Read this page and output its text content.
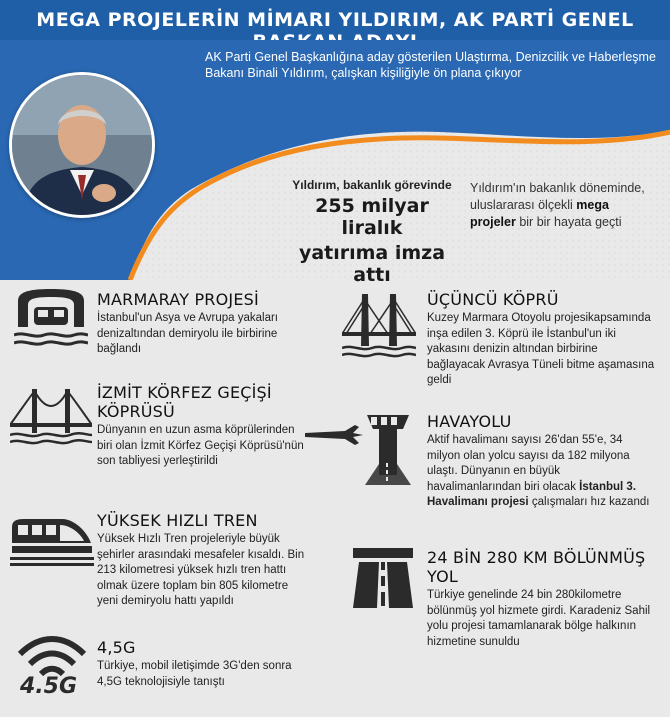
MEGA PROJELERİN MİMARI YILDIRIM, AK PARTİ GENEL
AK Parti Genel Başkanlığına aday gösterilen Ulaştırma, Denizcilik ve Haberleşme Bakanı Binali Yıldırım, çalışkan kişiliğiyle ön plana çıkıyor
Yıldırım, bakanlık görevinde
255 milyar liralık
yatırıma imza attı
Yıldırım'ın bakanlık döneminde, uluslararası ölçekli mega projeler bir bir hayata geçti
MARMARAY PROJESİ
İstanbul'un Asya ve Avrupa yakaları denizaltından demiryolu ile birbirine bağlandı
İZMİT KÖRFEZ GEÇİŞİ
KÖPRÜSÜ
Dünyanın en uzun asma köprülerinden biri olan İzmit Körfez Geçişi Köprüsü'nün son tabliyesi yerleştirildi
YÜKSEK HIZLI TREN
Yüksek Hızlı Tren projeleriyle büyük şehirler arasındaki mesafeler kısaldı. Bin 213 kilometresi yüksek hızlı tren hattı olmak üzere toplam bin 805 kilometre yeni demiryolu hattı yapıldı
4.5G
4,5G
Türkiye, mobil iletişimde 3G'den sonra 4,5G teknolojisiyle tanıştı
ÜÇÜNCÜ KÖPRÜ
Kuzey Marmara Otoyolu projesikapsamında inşa edilen 3. Köprü ile İstanbul'un iki yakasını denizin altından birbirine bağlayacak Avrasya Tüneli bitme aşamasına geldi
HAVAYOLU
Aktif havalimanı sayısı 26'dan 55'e, 34 milyon olan yolcu sayısı da 182 milyona ulaştı. Dünyanın en büyük havalimanlarından biri olacak İstanbul 3. Havalimanı projesi çalışmaları hız kazandı
24 BİN 280 KM BÖLÜNMÜŞ YOL
Türkiye genelinde 24 bin 280kilometre bölünmüş yol hizmete girdi. Karadeniz Sahil yolu projesi tamamlanarak bölge halkının hizmetine sunuldu
